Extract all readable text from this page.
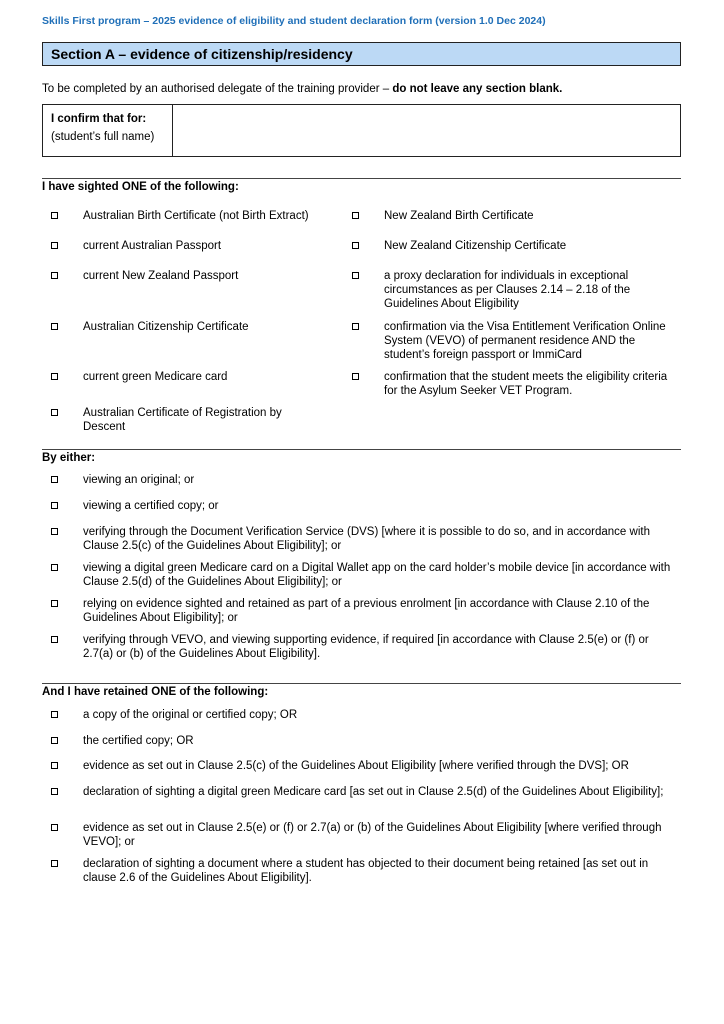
Skills First program – 2025 evidence of eligibility and student declaration form (version 1.0 Dec 2024)
Section A – evidence of citizenship/residency
To be completed by an authorised delegate of the training provider – do not leave any section blank.
I confirm that for:
(student’s full name)
I have sighted ONE of the following:
Australian Birth Certificate (not Birth Extract)
current Australian Passport
current New Zealand Passport
Australian Citizenship Certificate
current green Medicare card
Australian Certificate of Registration by Descent
New Zealand Birth Certificate
New Zealand Citizenship Certificate
a proxy declaration for individuals in exceptional circumstances as per Clauses 2.14 – 2.18 of the Guidelines About Eligibility
confirmation via the Visa Entitlement Verification Online System (VEVO) of permanent residence AND the student’s foreign passport or ImmiCard
confirmation that the student meets the eligibility criteria for the Asylum Seeker VET Program.
By either:
viewing an original; or
viewing a certified copy; or
verifying through the Document Verification Service (DVS) [where it is possible to do so, and in accordance with Clause 2.5(c) of the Guidelines About Eligibility]; or
viewing a digital green Medicare card on a Digital Wallet app on the card holder’s mobile device [in accordance with Clause 2.5(d) of the Guidelines About Eligibility]; or
relying on evidence sighted and retained as part of a previous enrolment [in accordance with Clause 2.10 of the Guidelines About Eligibility]; or
verifying through VEVO, and viewing supporting evidence, if required [in accordance with Clause 2.5(e) or (f) or 2.7(a) or (b) of the Guidelines About Eligibility].
And I have retained ONE of the following:
a copy of the original or certified copy; OR
the certified copy; OR
evidence as set out in Clause 2.5(c) of the Guidelines About Eligibility [where verified through the DVS]; OR
declaration of sighting a digital green Medicare card [as set out in Clause 2.5(d) of the Guidelines About Eligibility];
evidence as set out in Clause 2.5(e) or (f) or 2.7(a) or (b) of the Guidelines About Eligibility [where verified through VEVO]; or
declaration of sighting a document where a student has objected to their document being retained [as set out in clause 2.6 of the Guidelines About Eligibility].
